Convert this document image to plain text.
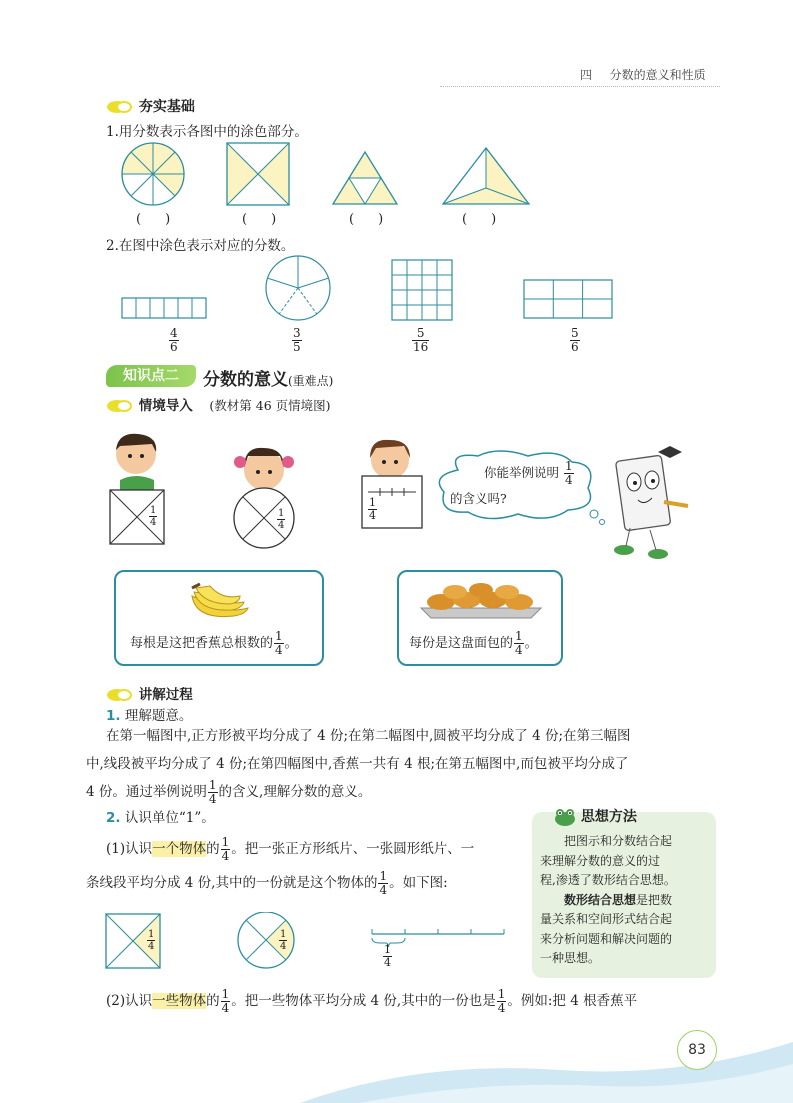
四 分数的意义和性质
夯实基础
1.用分数表示各图中的涂色部分。
( )	( )	( )	( )
2.在图中涂色表示对应的分数。
$\frac{4}{6}$	$\frac{3}{5}$	$\frac{5}{16}$	$\frac{5}{6}$
知识点二	分数的意义(重难点)
情境导入 (教材第 46 页情境图)
$\frac{1}{4}$	$\frac{1}{4}$	$\frac{1}{4}$
你能举例说明 $\frac{1}{4}$
的含义吗?
每根是这把香蕉总根数的 $\frac{1}{4}$ 。	每份是这盘面包的 $\frac{1}{4}$ 。
讲解过程
1. 理解题意。
在第一幅图中,正方形被平均分成了 4 份;在第二幅图中,圆被平均分成了 4 份;在第三幅图
中,线段被平均分成了 4 份;在第四幅图中,香蕉一共有 4 根;在第五幅图中,而包被平均分成了
4 份。通过举例说明 $\frac{1}{4}$ 的含义,理解分数的意义。
2. 认识单位“1”。
(1)认识一个物体的 $\frac{1}{4}$ 。把一张正方形纸片、一张圆形纸片、一
条线段平均分成 4 份,其中的一份就是这个物体的 $\frac{1}{4}$ 。如下图:
思想方法
把图示和分数结合起
来理解分数的意义的过
程,渗透了数形结合思想。
数形结合思想是把数
量关系和空间形式结合起
来分析问题和解决问题的
一种思想。
$\frac{1}{4}$	$\frac{1}{4}$
$\frac{1}{4}$
(2)认识一些物体的 $\frac{1}{4}$ 。把一些物体平均分成 4 份,其中的一份也是 $\frac{1}{4}$ 。例如:把 4 根香蕉平
83
